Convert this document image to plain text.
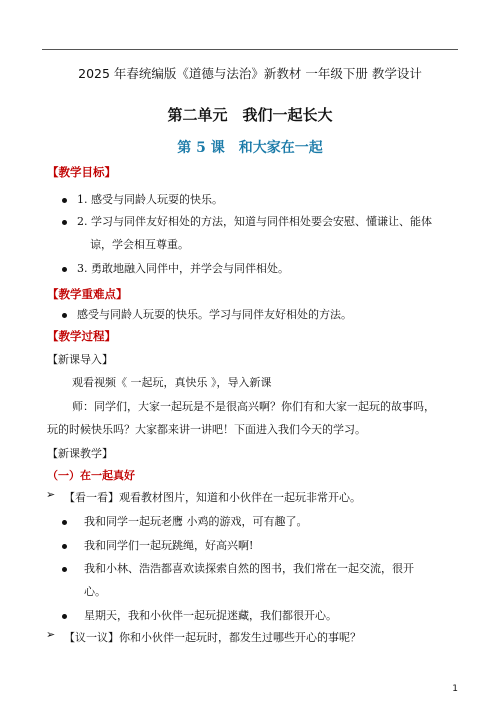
2025 年春统编版《道德与法治》新教材 一年级下册 教学设计
第二单元　我们一起长大
第 5 课　和大家在一起
【教学目标】
1. 感受与同龄人玩耍的快乐。
2. 学习与同伴友好相处的方法，知道与同伴相处要会安慰、懂谦让、能体
谅，学会相互尊重。
3. 勇敢地融入同伴中，并学会与同伴相处。
【教学重难点】
感受与同龄人玩耍的快乐。学习与同伴友好相处的方法。
【教学过程】
【新课导入】
观看视频《 一起玩，真快乐 》，导入新课
师：同学们，大家一起玩是不是很高兴啊？你们有和大家一起玩的故事吗，
玩的时候快乐吗？大家都来讲一讲吧！下面进入我们今天的学习。
【新课教学】
（一）在一起真好
➢ 【看一看】观看教材图片，知道和小伙伴在一起玩非常开心。
我和同学一起玩老鹰 小鸡的游戏，可有趣了。
我和同学们一起玩跳绳，好高兴啊!
我和小林、浩浩都喜欢读探索自然的图书，我们常在一起交流，很开
心。
星期天，我和小伙伴一起玩捉迷藏，我们都很开心。
➢ 【议一议】你和小伙伴一起玩时，都发生过哪些开心的事呢？
1
